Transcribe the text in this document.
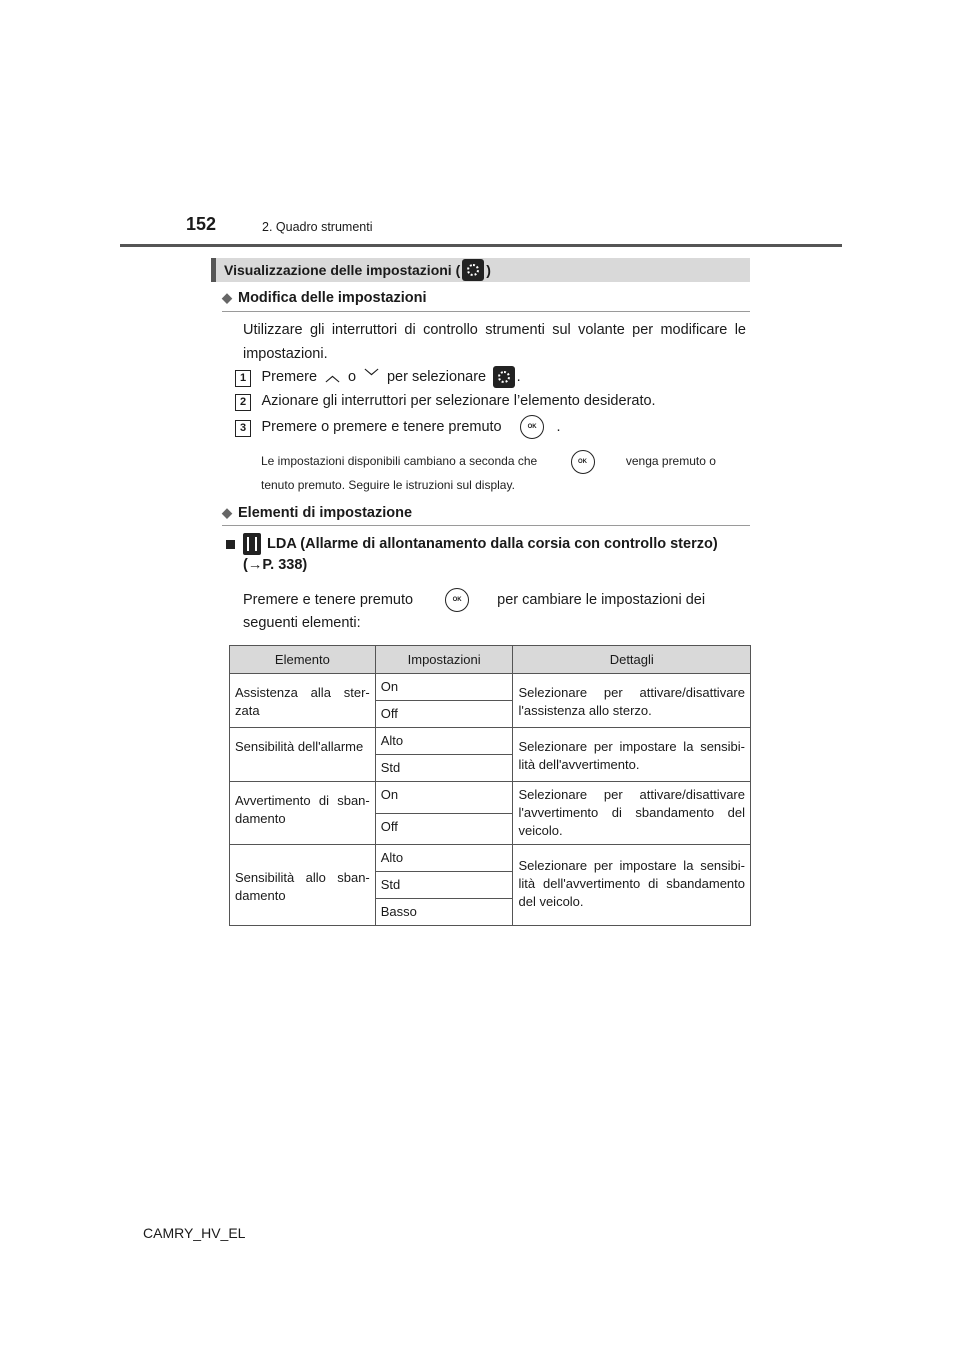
152	2. Quadro strumenti
Visualizzazione delle impostazioni ( )
◆ Modifica delle impostazioni
Utilizzare gli interruttori di controllo strumenti sul volante per modificare le impostazioni.
1 Premere ︿ o ﹀ per selezionare .
2 Azionare gli interruttori per selezionare l’elemento desiderato.
3 Premere o premere e tenere premuto	OK .
Le impostazioni disponibili cambiano a seconda che	OK	venga premuto o
tenuto premuto. Seguire le istruzioni sul display.
◆ Elementi di impostazione
LDA (Allarme di allontanamento dalla corsia con controllo sterzo)
(→P. 338)
Premere e tenere premuto	OK per cambiare le impostazioni dei
seguenti elementi:
Elemento	Impostazioni	Dettagli
Assistenza alla ster-zata	On	Selezionare per attivare/disattivare l'assistenza allo sterzo.
	Off	
Sensibilità dell'allarme	Alto	Selezionare per impostare la sensibi-lità dell'avvertimento.
	Std	
Avvertimento di sban-damento	On	Selezionare per attivare/disattivare l'avvertimento di sbandamento del veicolo.
	Off	
Sensibilità allo sban-damento	Alto	Selezionare per impostare la sensibi-lità dell'avvertimento di sbandamento del veicolo.
	Std	
	Basso	
CAMRY_HV_EL
